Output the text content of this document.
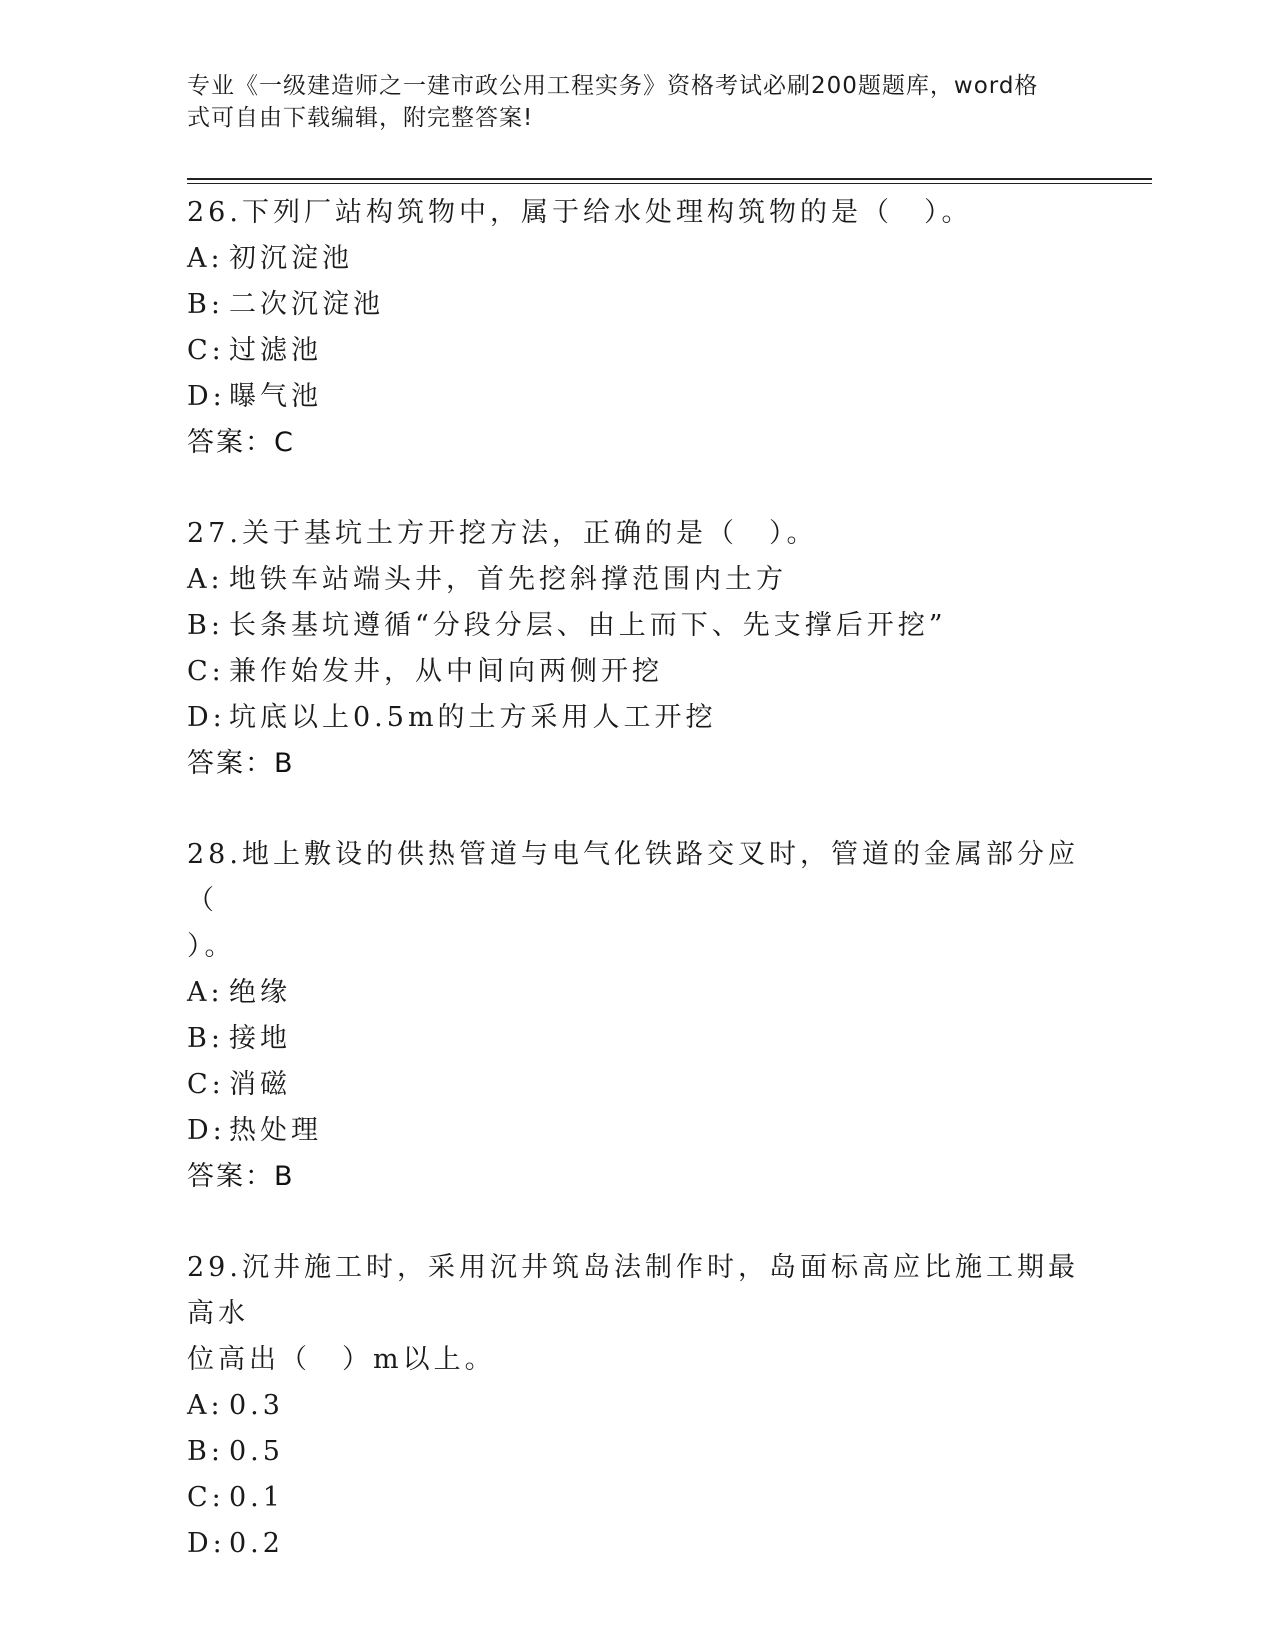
专业《一级建造师之一建市政公用工程实务》资格考试必刷200题题库，word格
式可自由下载编辑，附完整答案!
26.下列厂站构筑物中，属于给水处理构筑物的是（　）。
A: 初沉淀池
B: 二次沉淀池
C: 过滤池
D: 曝气池
答案：C
27.关于基坑土方开挖方法，正确的是（　）。
A: 地铁车站端头井，首先挖斜撑范围内土方
B: 长条基坑遵循“分段分层、由上而下、先支撑后开挖”
C: 兼作始发井，从中间向两侧开挖
D: 坑底以上0.5m的土方采用人工开挖
答案：B
28.地上敷设的供热管道与电气化铁路交叉时，管道的金属部分应（
）。
A: 绝缘
B: 接地
C: 消磁
D: 热处理
答案：B
29.沉井施工时，采用沉井筑岛法制作时，岛面标高应比施工期最高水
位高出（　）m以上。
A: 0.3
B: 0.5
C: 0.1
D: 0.2
